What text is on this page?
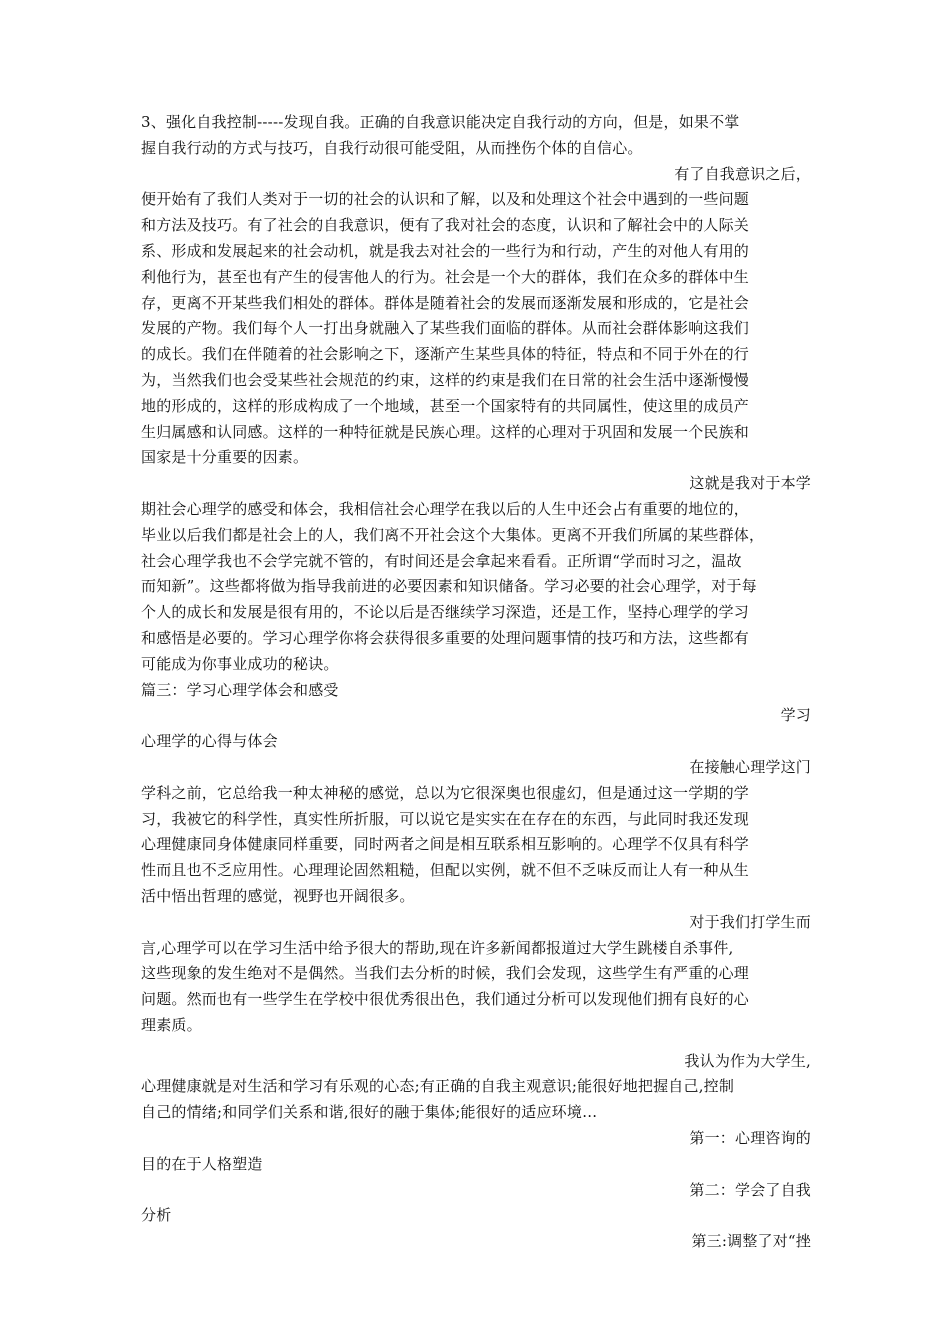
3、强化自我控制-----发现自我。正确的自我意识能决定自我行动的方向，但是，如果不掌
握自我行动的方式与技巧，自我行动很可能受阻，从而挫伤个体的自信心。
有了自我意识之后，
便开始有了我们人类对于一切的社会的认识和了解，以及和处理这个社会中遇到的一些问题
和方法及技巧。有了社会的自我意识，便有了我对社会的态度，认识和了解社会中的人际关
系、形成和发展起来的社会动机，就是我去对社会的一些行为和行动，产生的对他人有用的
利他行为，甚至也有产生的侵害他人的行为。社会是一个大的群体，我们在众多的群体中生
存，更离不开某些我们相处的群体。群体是随着社会的发展而逐渐发展和形成的，它是社会
发展的产物。我们每个人一打出身就融入了某些我们面临的群体。从而社会群体影响这我们
的成长。我们在伴随着的社会影响之下，逐渐产生某些具体的特征，特点和不同于外在的行
为，当然我们也会受某些社会规范的约束，这样的约束是我们在日常的社会生活中逐渐慢慢
地的形成的，这样的形成构成了一个地域，甚至一个国家特有的共同属性，使这里的成员产
生归属感和认同感。这样的一种特征就是民族心理。这样的心理对于巩固和发展一个民族和
国家是十分重要的因素。
这就是我对于本学
期社会心理学的感受和体会，我相信社会心理学在我以后的人生中还会占有重要的地位的，
毕业以后我们都是社会上的人，我们离不开社会这个大集体。更离不开我们所属的某些群体，
社会心理学我也不会学完就不管的，有时间还是会拿起来看看。正所谓“学而时习之，温故
而知新”。这些都将做为指导我前进的必要因素和知识储备。学习必要的社会心理学，对于每
个人的成长和发展是很有用的，不论以后是否继续学习深造，还是工作，坚持心理学的学习
和感悟是必要的。学习心理学你将会获得很多重要的处理问题事情的技巧和方法，这些都有
可能成为你事业成功的秘诀。
篇三：学习心理学体会和感受
学习
心理学的心得与体会
在接触心理学这门
学科之前，它总给我一种太神秘的感觉，总以为它很深奥也很虚幻，但是通过这一学期的学
习，我被它的科学性，真实性所折服，可以说它是实实在在存在的东西，与此同时我还发现
心理健康同身体健康同样重要，同时两者之间是相互联系相互影响的。心理学不仅具有科学
性而且也不乏应用性。心理理论固然粗糙，但配以实例，就不但不乏味反而让人有一种从生
活中悟出哲理的感觉，视野也开阔很多。
对于我们打学生而
言,心理学可以在学习生活中给予很大的帮助,现在许多新闻都报道过大学生跳楼自杀事件,
这些现象的发生绝对不是偶然。当我们去分析的时候，我们会发现，这些学生有严重的心理
问题。然而也有一些学生在学校中很优秀很出色，我们通过分析可以发现他们拥有良好的心
理素质。
我认为作为大学生,
心理健康就是对生活和学习有乐观的心态;有正确的自我主观意识;能很好地把握自己,控制
自己的情绪;和同学们关系和谐,很好的融于集体;能很好的适应环境…
第一：心理咨询的
目的在于人格塑造
第二：学会了自我
分析
第三:调整了对“挫
